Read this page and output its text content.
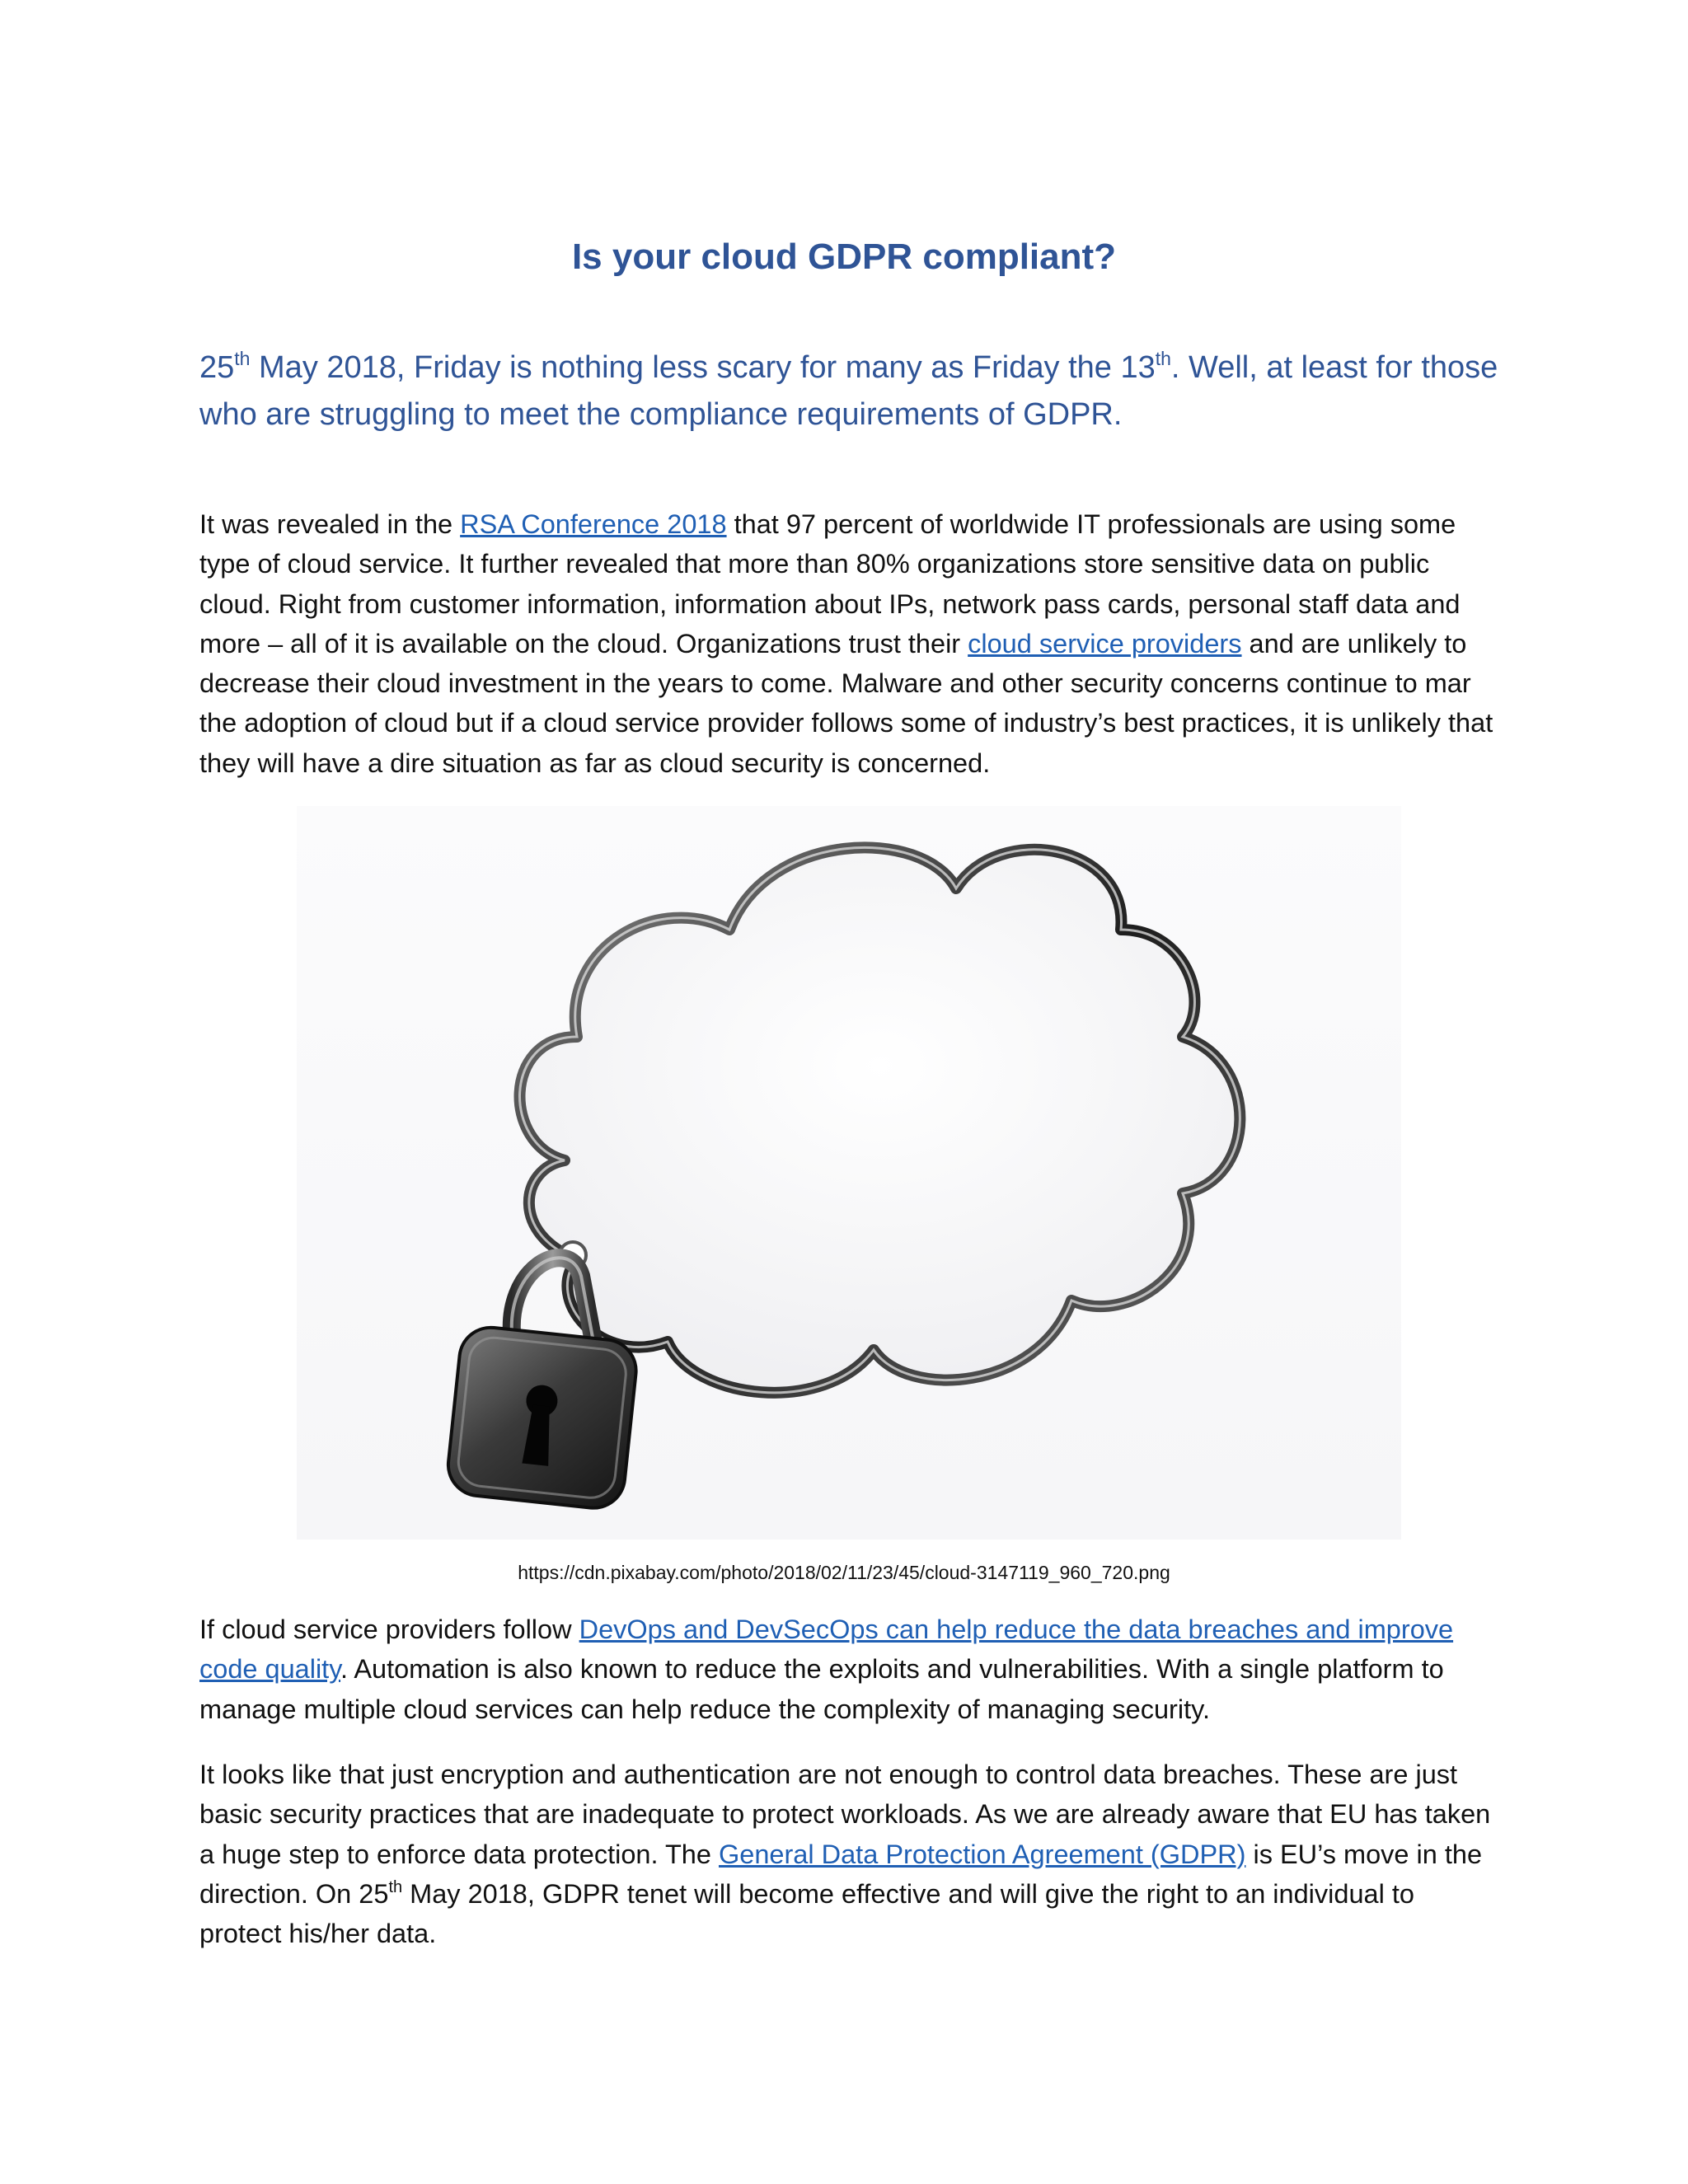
Is your cloud GDPR compliant?

25th May 2018, Friday is nothing less scary for many as Friday the 13th. Well, at least for those who are struggling to meet the compliance requirements of GDPR.

It was revealed in the RSA Conference 2018 that 97 percent of worldwide IT professionals are using some type of cloud service. It further revealed that more than 80% organizations store sensitive data on public cloud. Right from customer information, information about IPs, network pass cards, personal staff data and more – all of it is available on the cloud. Organizations trust their cloud service providers and are unlikely to decrease their cloud investment in the years to come. Malware and other security concerns continue to mar the adoption of cloud but if a cloud service provider follows some of industry’s best practices, it is unlikely that they will have a dire situation as far as cloud security is concerned.

https://cdn.pixabay.com/photo/2018/02/11/23/45/cloud-3147119_960_720.png

If cloud service providers follow DevOps and DevSecOps can help reduce the data breaches and improve code quality. Automation is also known to reduce the exploits and vulnerabilities. With a single platform to manage multiple cloud services can help reduce the complexity of managing security.

It looks like that just encryption and authentication are not enough to control data breaches. These are just basic security practices that are inadequate to protect workloads. As we are already aware that EU has taken a huge step to enforce data protection. The General Data Protection Agreement (GDPR) is EU’s move in the direction. On 25th May 2018, GDPR tenet will become effective and will give the right to an individual to protect his/her data.
